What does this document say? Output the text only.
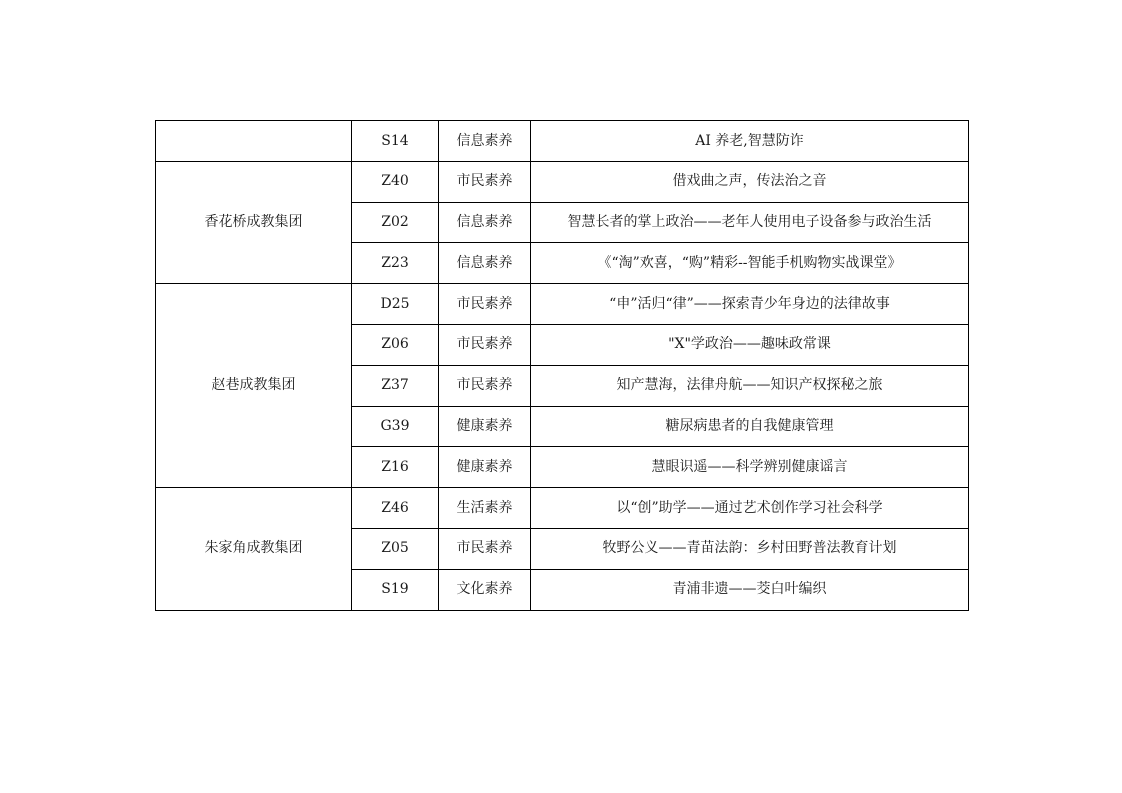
	S14	信息素养	AI 养老,智慧防诈
香花桥成教集团	Z40	市民素养	借戏曲之声，传法治之音
	Z02	信息素养	智慧长者的掌上政治——老年人使用电子设备参与政治生活
	Z23	信息素养	《“淘”欢喜，“购”精彩--智能手机购物实战课堂》
赵巷成教集团	D25	市民素养	“申”活归“律”——探索青少年身边的法律故事
	Z06	市民素养	"X"学政治——趣味政常课
	Z37	市民素养	知产慧海，法律舟航——知识产权探秘之旅
	G39	健康素养	糖尿病患者的自我健康管理
	Z16	健康素养	慧眼识遥——科学辨别健康谣言
朱家角成教集团	Z46	生活素养	以“创”助学——通过艺术创作学习社会科学
	Z05	市民素养	牧野公义——青苗法韵：乡村田野普法教育计划
	S19	文化素养	青浦非遗——茭白叶编织
